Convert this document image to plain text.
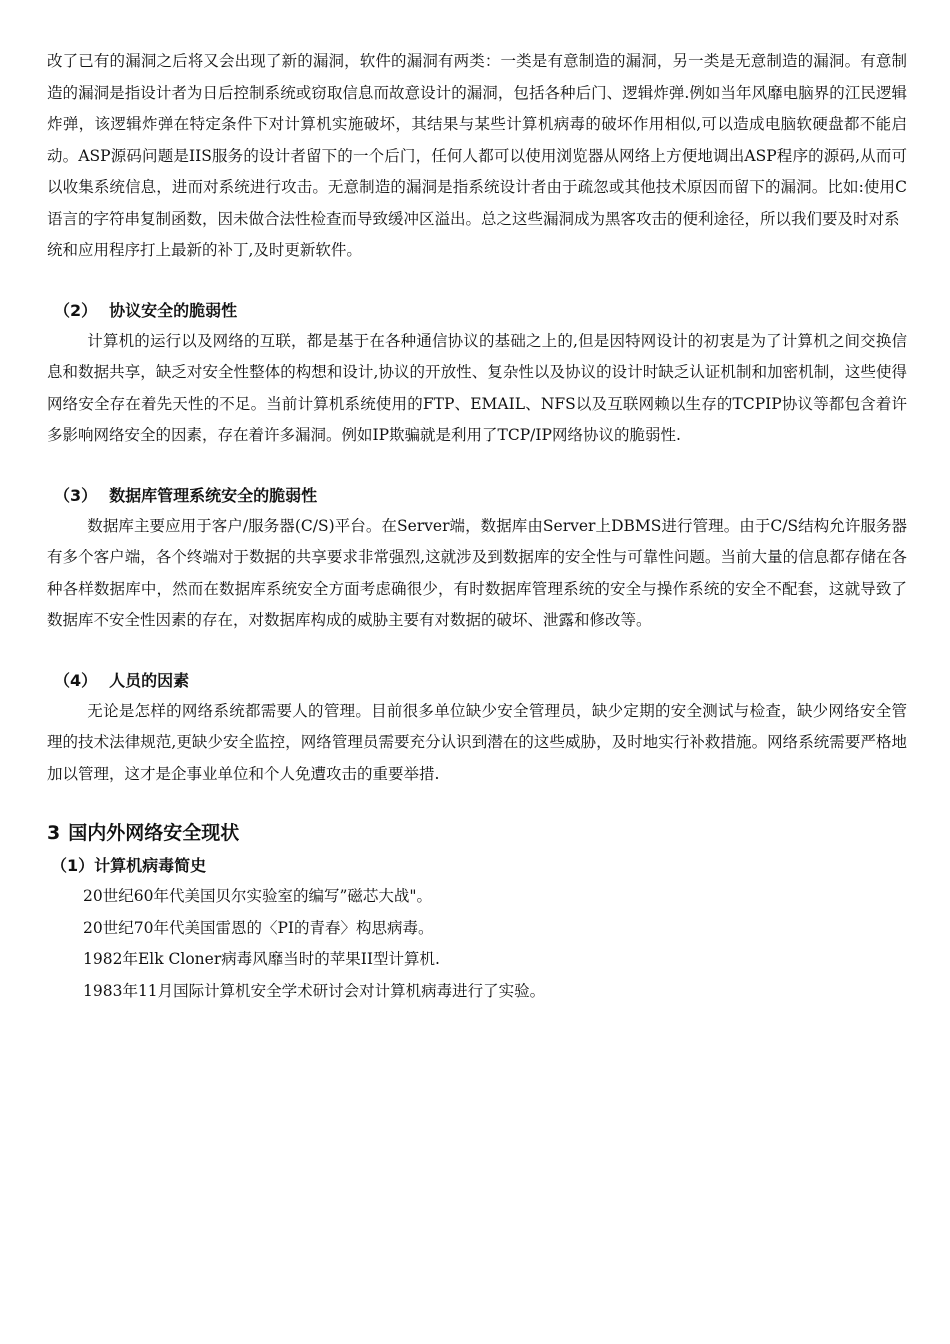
改了已有的漏洞之后将又会出现了新的漏洞，软件的漏洞有两类：一类是有意制造的漏洞，另一类是无意制造的漏洞。有意制造的漏洞是指设计者为日后控制系统或窃取信息而故意设计的漏洞，包括各种后门、逻辑炸弹.例如当年风靡电脑界的江民逻辑炸弹，该逻辑炸弹在特定条件下对计算机实施破坏，其结果与某些计算机病毒的破坏作用相似,可以造成电脑软硬盘都不能启动。ASP源码问题是IIS服务的设计者留下的一个后门，任何人都可以使用浏览器从网络上方便地调出ASP程序的源码,从而可以收集系统信息，进而对系统进行攻击。无意制造的漏洞是指系统设计者由于疏忽或其他技术原因而留下的漏洞。比如:使用C语言的字符串复制函数，因未做合法性检查而导致缓冲区溢出。总之这些漏洞成为黑客攻击的便利途径，所以我们要及时对系

统和应用程序打上最新的补丁,及时更新软件。

（2） 协议安全的脆弱性

计算机的运行以及网络的互联，都是基于在各种通信协议的基础之上的,但是因特网设计的初衷是为了计算机之间交换信息和数据共享，缺乏对安全性整体的构想和设计,协议的开放性、复杂性以及协议的设计时缺乏认证机制和加密机制，这些使得网络安全存在着先天性的不足。当前计算机系统使用的FTP、EMAIL、NFS以及互联网赖以生存的TCPIP协议等都包含着许多影响网络安全的因素，存在着许多漏洞。例如IP欺骗就是利用了TCP/IP网络协议的脆弱性.

（3） 数据库管理系统安全的脆弱性

数据库主要应用于客户/服务器(C/S)平台。在Server端，数据库由Server上DBMS进行管理。由于C/S结构允许服务器有多个客户端，各个终端对于数据的共享要求非常强烈,这就涉及到数据库的安全性与可靠性问题。当前大量的信息都存储在各种各样数据库中，然而在数据库系统安全方面考虑确很少，有时数据库管理系统的安全与操作系统的安全不配套，这就导致了数据库不安全性因素的存在，对数据库构成的威胁主要有对数据的破坏、泄露和修改等。

（4） 人员的因素

无论是怎样的网络系统都需要人的管理。目前很多单位缺少安全管理员，缺少定期的安全测试与检查，缺少网络安全管理的技术法律规范,更缺少安全监控，网络管理员需要充分认识到潜在的这些威胁，及时地实行补救措施。网络系统需要严格地加以管理，这才是企事业单位和个人免遭攻击的重要举措.

3 国内外网络安全现状
（1）计算机病毒简史

20世纪60年代美国贝尔实验室的编写”磁芯大战"。

20世纪70年代美国雷恩的〈PI的青春〉构思病毒。

1982年Elk Cloner病毒风靡当时的苹果II型计算机.

1983年11月国际计算机安全学术研讨会对计算机病毒进行了实验。
